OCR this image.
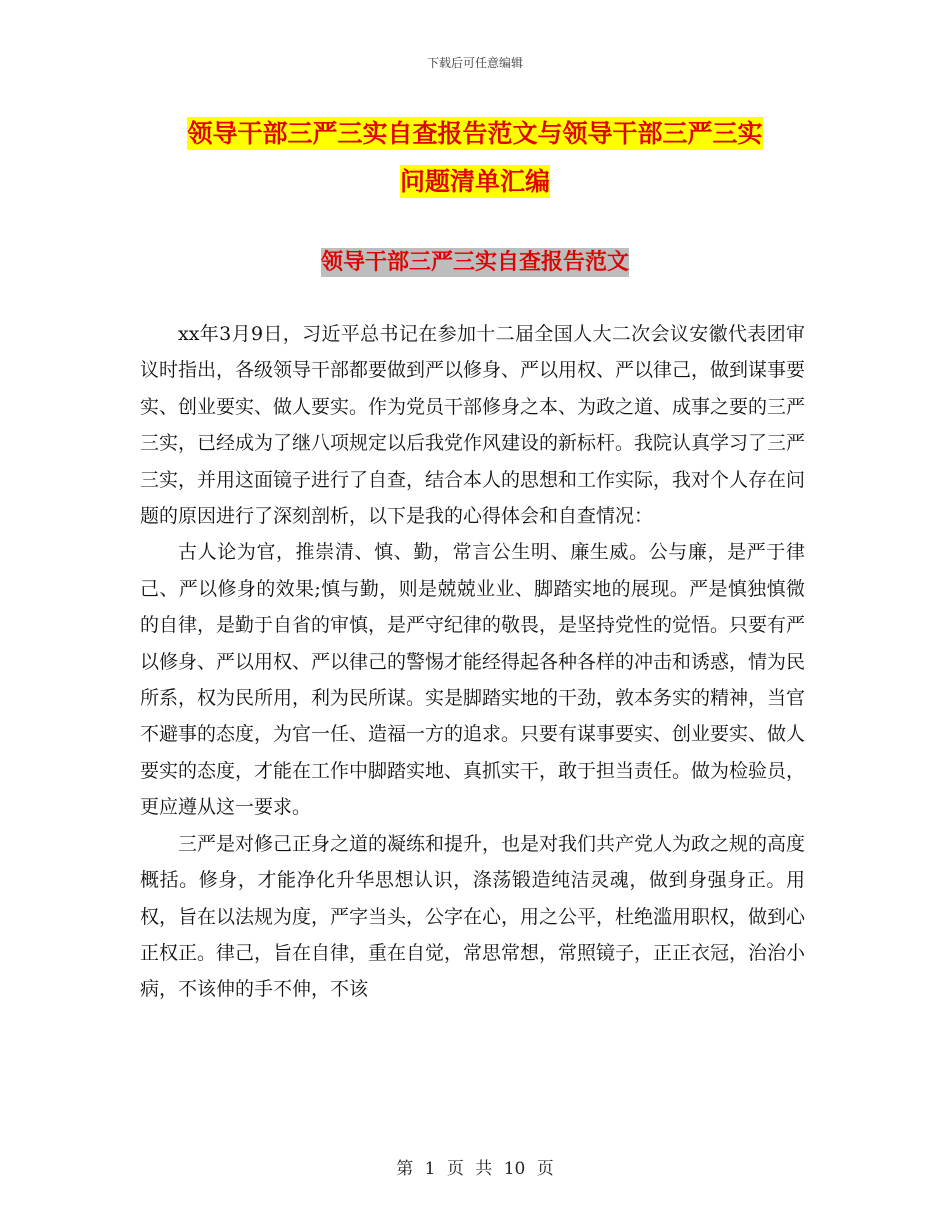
下载后可任意编辑
领导干部三严三实自查报告范文与领导干部三严三实
问题清单汇编
领导干部三严三实自查报告范文

xx年3月9日，习近平总书记在参加十二届全国人大二次会议安徽代表团审议时指出，各级领导干部都要做到严以修身、严以用权、严以律己，做到谋事要实、创业要实、做人要实。作为党员干部修身之本、为政之道、成事之要的三严三实，已经成为了继八项规定以后我党作风建设的新标杆。我院认真学习了三严三实，并用这面镜子进行了自查，结合本人的思想和工作实际，我对个人存在问题的原因进行了深刻剖析，以下是我的心得体会和自查情况：

古人论为官，推崇清、慎、勤，常言公生明、廉生威。公与廉，是严于律己、严以修身的效果;慎与勤，则是兢兢业业、脚踏实地的展现。严是慎独慎微的自律，是勤于自省的审慎，是严守纪律的敬畏，是坚持党性的觉悟。只要有严以修身、严以用权、严以律己的警惕才能经得起各种各样的冲击和诱惑，情为民所系，权为民所用，利为民所谋。实是脚踏实地的干劲，敦本务实的精神，当官不避事的态度，为官一任、造福一方的追求。只要有谋事要实、创业要实、做人要实的态度，才能在工作中脚踏实地、真抓实干，敢于担当责任。做为检验员，更应遵从这一要求。

三严是对修己正身之道的凝练和提升，也是对我们共产党人为政之规的高度概括。修身，才能净化升华思想认识，涤荡锻造纯洁灵魂，做到身强身正。用权，旨在以法规为度，严字当头，公字在心，用之公平，杜绝滥用职权，做到心正权正。律己，旨在自律，重在自觉，常思常想，常照镜子，正正衣冠，治治小病，不该伸的手不伸，不该

第 1 页 共 10 页
